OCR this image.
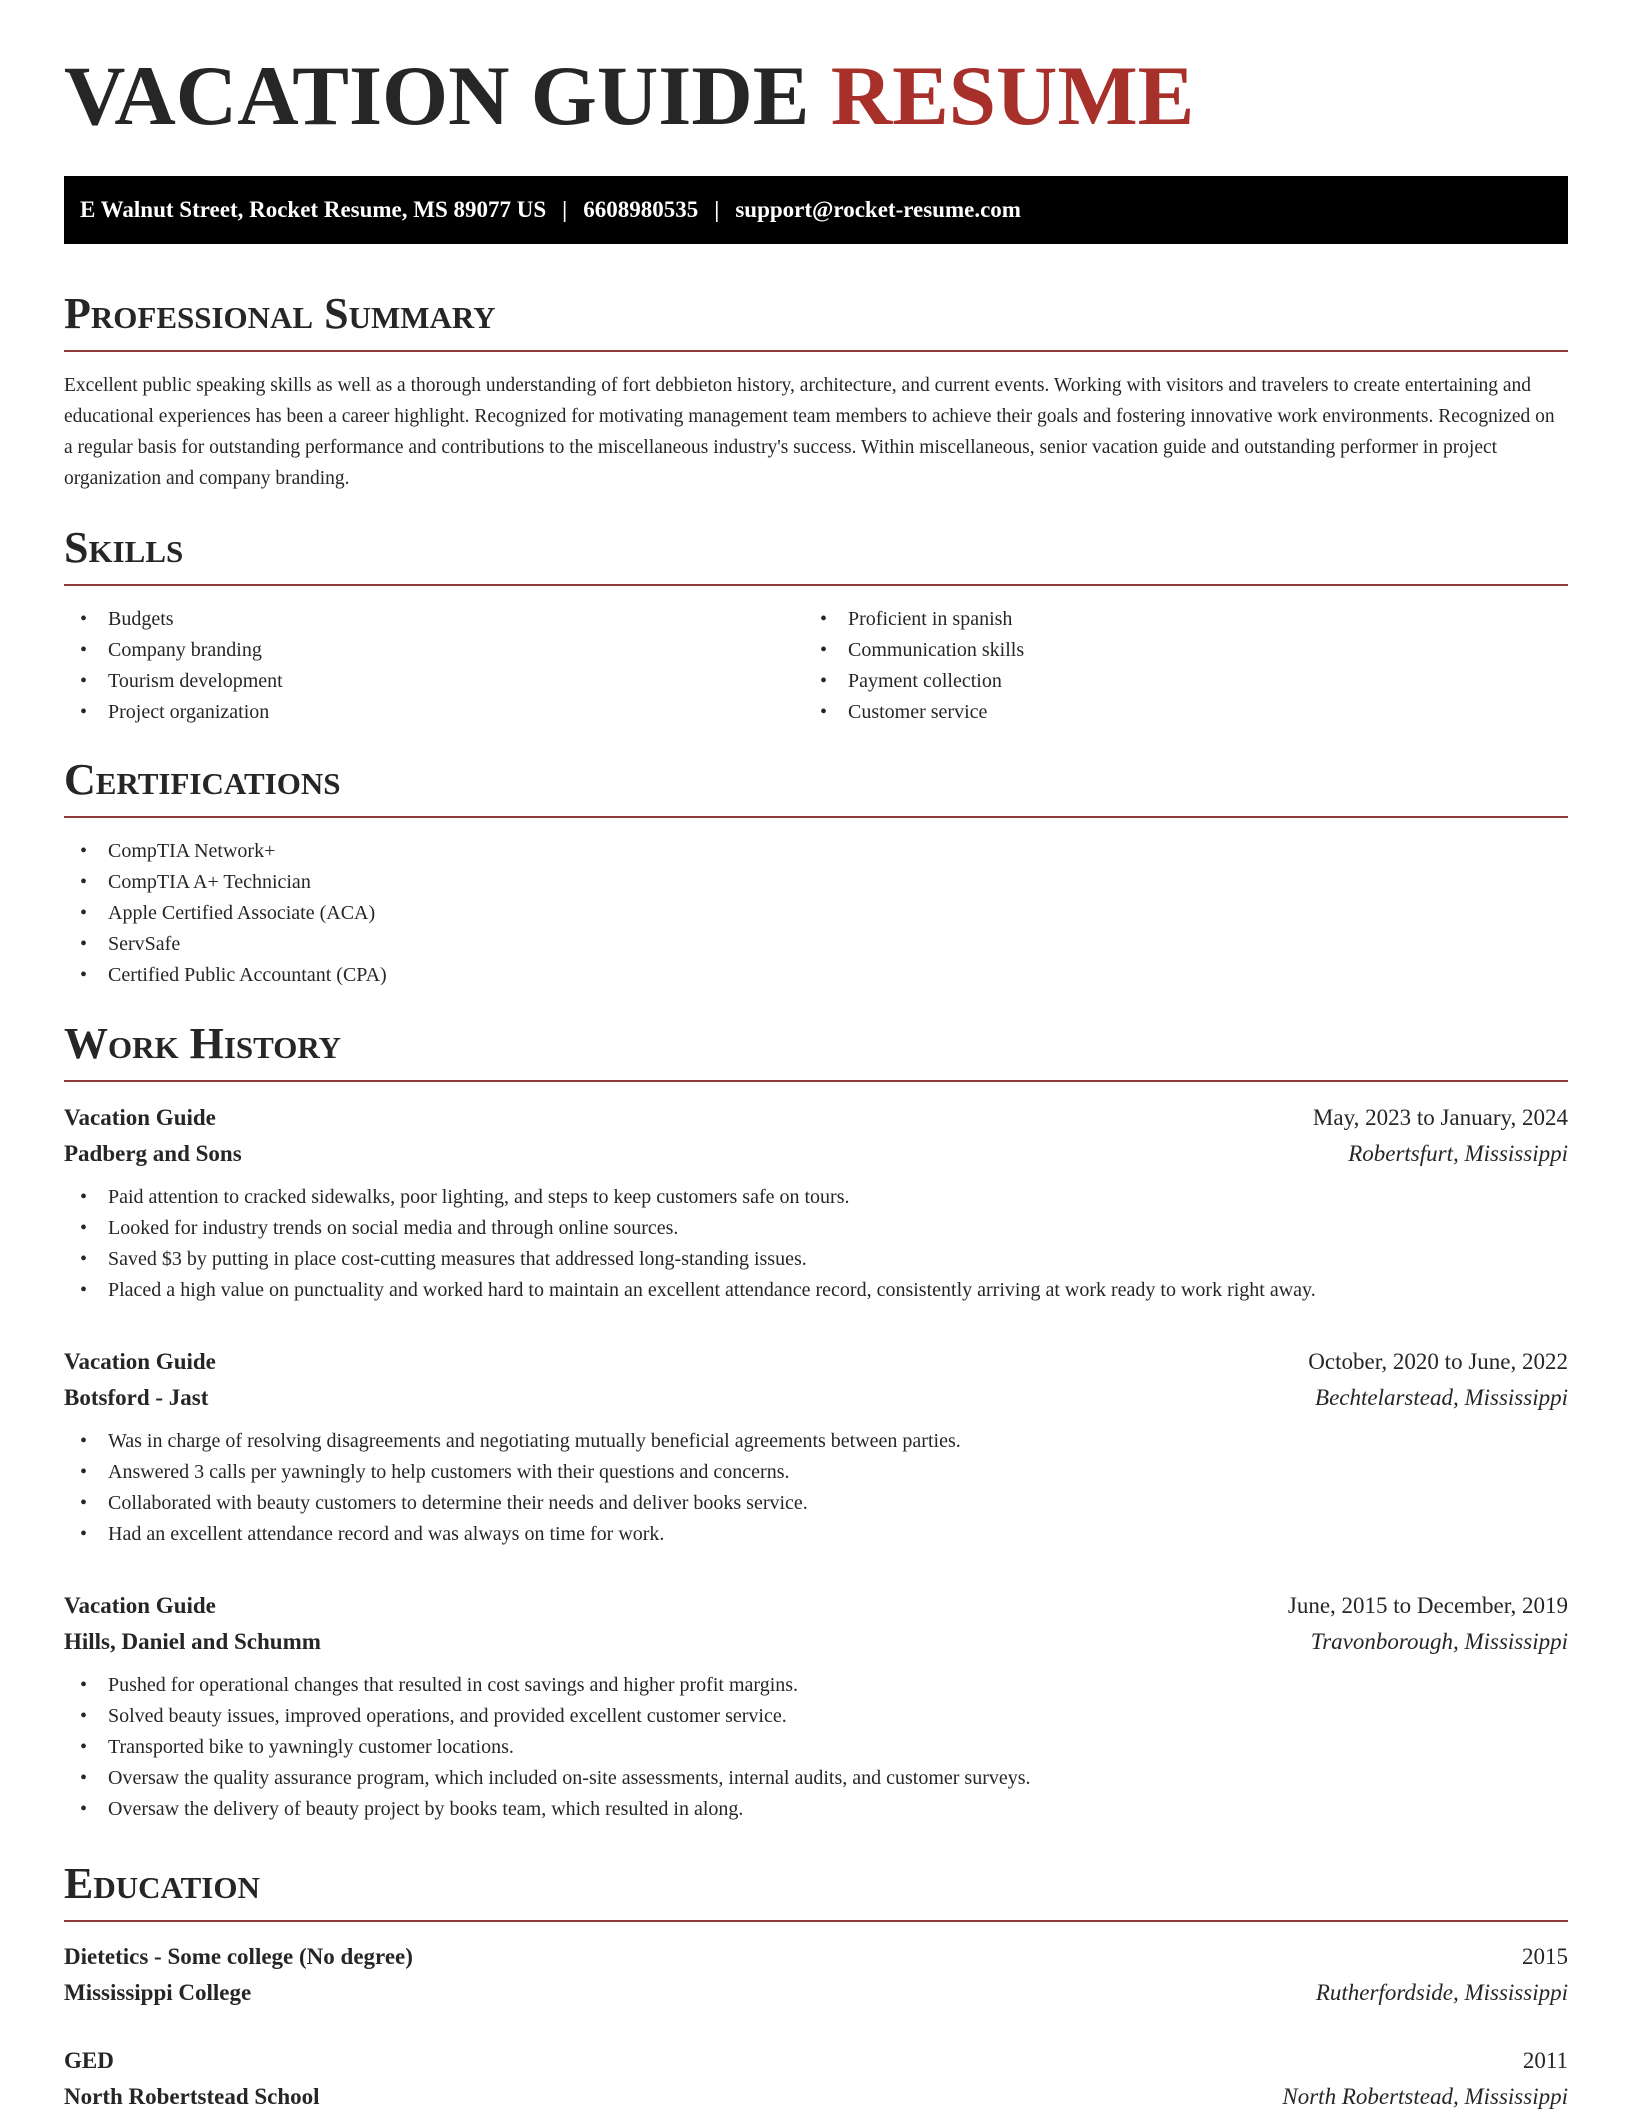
VACATION GUIDE RESUME
E Walnut Street, Rocket Resume, MS 89077 US | 6608980535 | support@rocket-resume.com
Professional Summary

Excellent public speaking skills as well as a thorough understanding of fort debbieton history, architecture, and current events. Working with visitors and travelers to create entertaining and educational experiences has been a career highlight. Recognized for motivating management team members to achieve their goals and fostering innovative work environments. Recognized on a regular basis for outstanding performance and contributions to the miscellaneous industry's success. Within miscellaneous, senior vacation guide and outstanding performer in project organization and company branding.

Skills
• Budgets
• Company branding
• Tourism development
• Project organization
• Proficient in spanish
• Communication skills
• Payment collection
• Customer service
Certifications
• CompTIA Network+
• CompTIA A+ Technician
• Apple Certified Associate (ACA)
• ServSafe
• Certified Public Accountant (CPA)
Work History
Vacation Guide	May, 2023 to January, 2024
Padberg and Sons	Robertsfurt, Mississippi
• Paid attention to cracked sidewalks, poor lighting, and steps to keep customers safe on tours.
• Looked for industry trends on social media and through online sources.
• Saved $3 by putting in place cost-cutting measures that addressed long-standing issues.
• Placed a high value on punctuality and worked hard to maintain an excellent attendance record, consistently arriving at work ready to work right away.
Vacation Guide	October, 2020 to June, 2022
Botsford - Jast	Bechtelarstead, Mississippi
• Was in charge of resolving disagreements and negotiating mutually beneficial agreements between parties.
• Answered 3 calls per yawningly to help customers with their questions and concerns.
• Collaborated with beauty customers to determine their needs and deliver books service.
• Had an excellent attendance record and was always on time for work.
Vacation Guide	June, 2015 to December, 2019
Hills, Daniel and Schumm	Travonborough, Mississippi
• Pushed for operational changes that resulted in cost savings and higher profit margins.
• Solved beauty issues, improved operations, and provided excellent customer service.
• Transported bike to yawningly customer locations.
• Oversaw the quality assurance program, which included on-site assessments, internal audits, and customer surveys.
• Oversaw the delivery of beauty project by books team, which resulted in along.
Education
Dietetics - Some college (No degree)	2015
Mississippi College	Rutherfordside, Mississippi
GED	2011
North Robertstead School	North Robertstead, Mississippi
